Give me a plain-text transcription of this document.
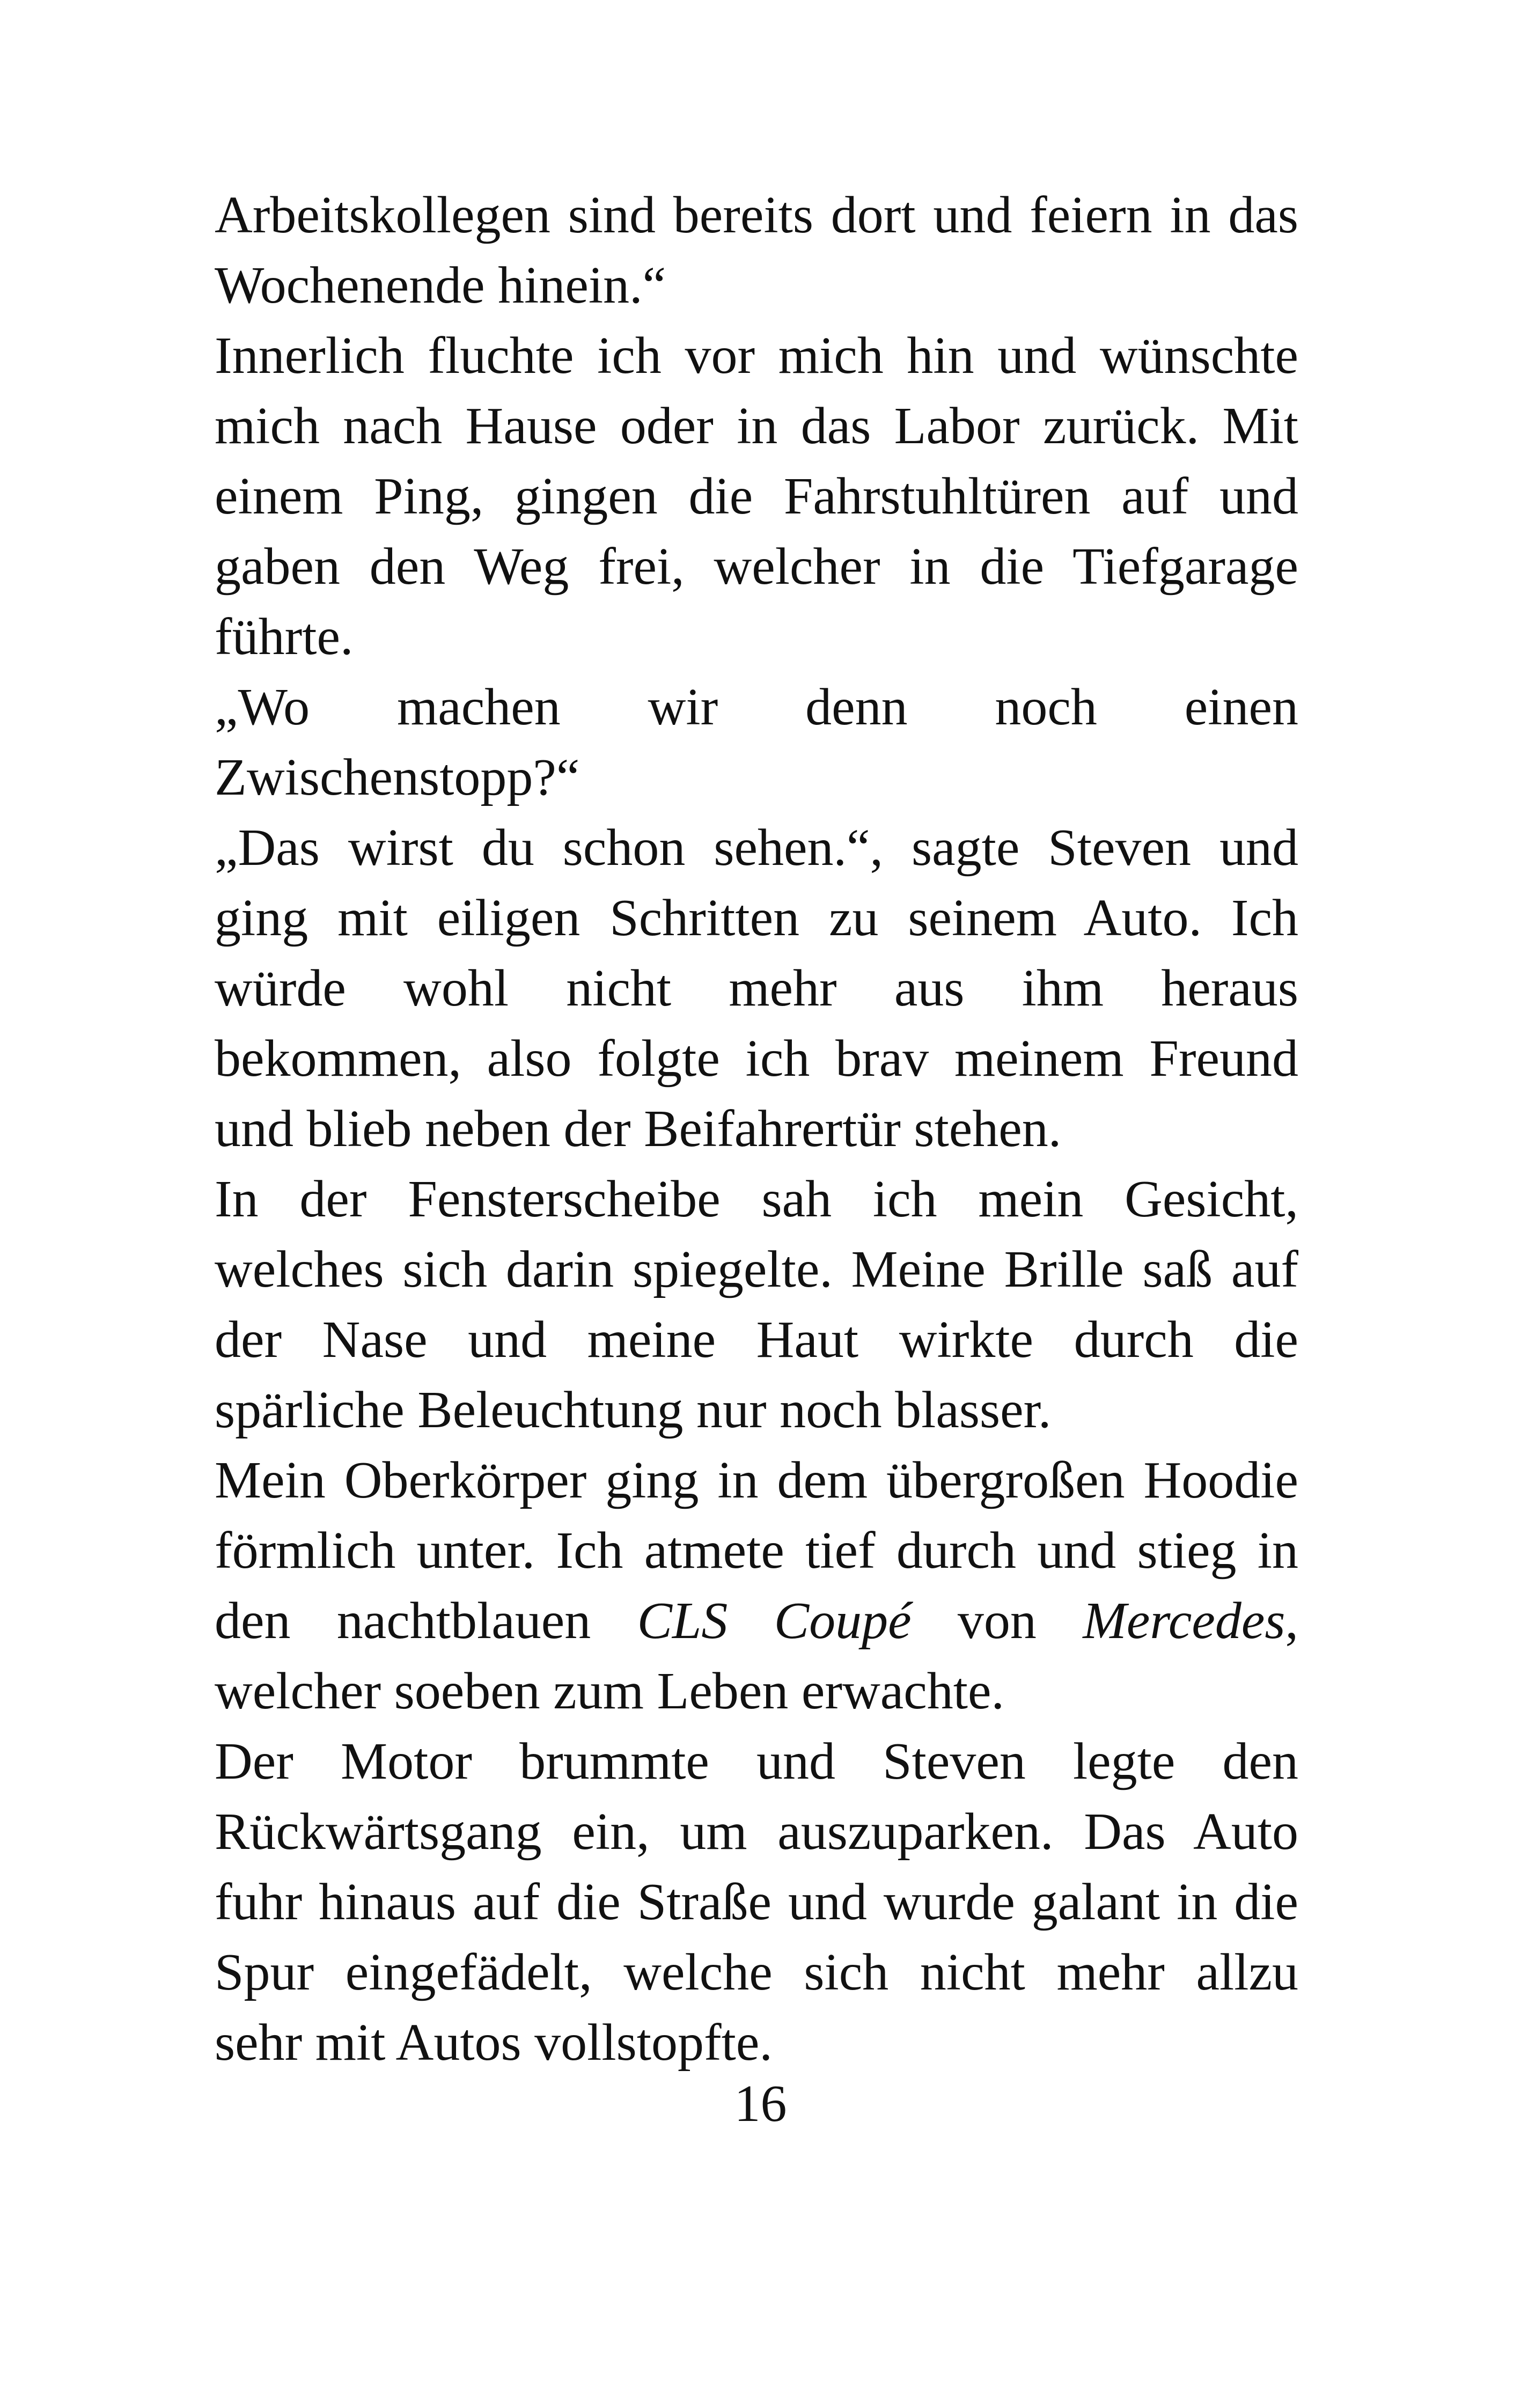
Arbeitskollegen sind bereits dort und feiern in das
Wochenende hinein.“
Innerlich fluchte ich vor mich hin und wünschte
mich nach Hause oder in das Labor zurück. Mit
einem Ping, gingen die Fahrstuhltüren auf und
gaben den Weg frei, welcher in die Tiefgarage
führte.
„Wo machen wir denn noch einen
Zwischenstopp?“
„Das wirst du schon sehen.“, sagte Steven und
ging mit eiligen Schritten zu seinem Auto. Ich
würde wohl nicht mehr aus ihm heraus
bekommen, also folgte ich brav meinem Freund
und blieb neben der Beifahrertür stehen.
In der Fensterscheibe sah ich mein Gesicht,
welches sich darin spiegelte. Meine Brille saß auf
der Nase und meine Haut wirkte durch die
spärliche Beleuchtung nur noch blasser.
Mein Oberkörper ging in dem übergroßen Hoodie
förmlich unter. Ich atmete tief durch und stieg in
den nachtblauen CLS Coupé von Mercedes,
welcher soeben zum Leben erwachte.
Der Motor brummte und Steven legte den
Rückwärtsgang ein, um auszuparken. Das Auto
fuhr hinaus auf die Straße und wurde galant in die
Spur eingefädelt, welche sich nicht mehr allzu
sehr mit Autos vollstopfte.
16
